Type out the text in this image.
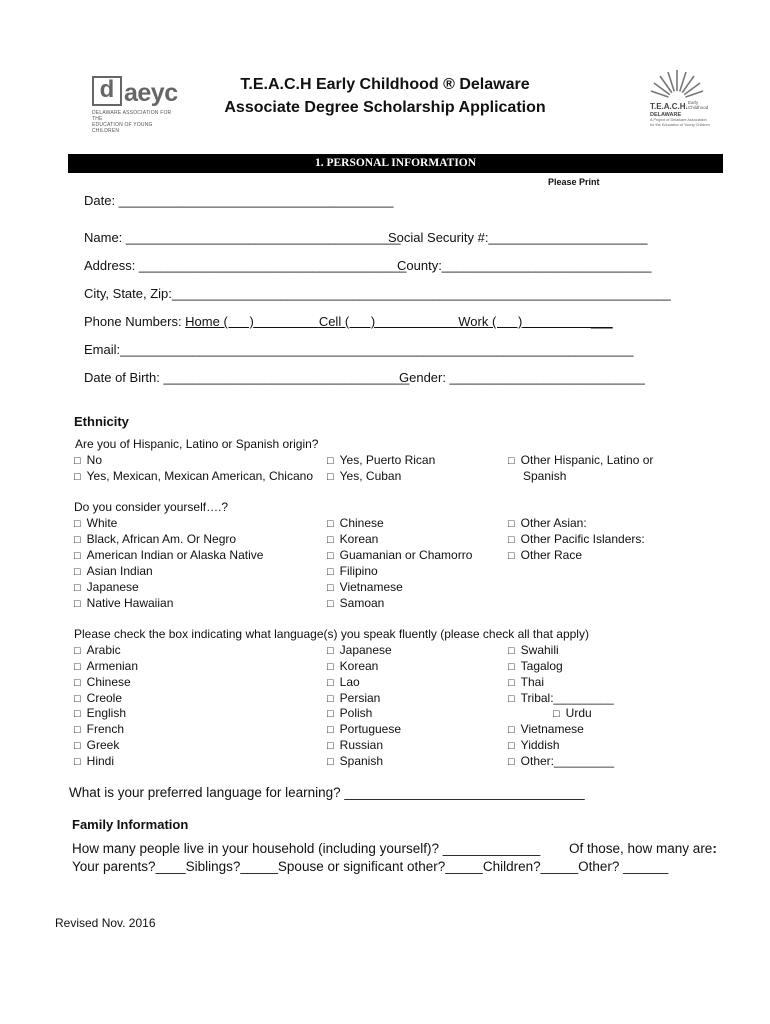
d aeyc
DELAWARE ASSOCIATION FOR THE
EDUCATION OF YOUNG CHILDREN
T.E.A.C.H. Early
Childhood
DELAWARE
A Project of Delaware Association
for the Education of Young Children
T.E.A.C.H Early Childhood ® Delaware
Associate Degree Scholarship Application
1. PERSONAL INFORMATION
Please Print
Date: ______________________________________
Name: ______________________________________
Social Security #:______________________
Address: _____________________________________
County:_____________________________
City, State, Zip:_____________________________________________________________________
Phone Numbers: Home (      )	Cell (      )	Work (      )                   ___
Email:_______________________________________________________________________
Date of Birth: __________________________________
Gender: ___________________________
Ethnicity
Are you of Hispanic, Latino or Spanish origin?
□ No
□ Yes, Mexican, Mexican American, Chicano
□ Yes, Puerto Rican
□ Yes, Cuban
□ Other Hispanic, Latino or
Spanish
Do you consider yourself….?
□ White
□ Black, African Am. Or Negro
□ American Indian or Alaska Native
□ Asian Indian
□ Japanese
□ Native Hawaiian
□ Chinese
□ Korean
□ Guamanian or Chamorro
□ Filipino
□ Vietnamese
□ Samoan
□ Other Asian:
□ Other Pacific Islanders:
□ Other Race
Please check the box indicating what language(s) you speak fluently (please check all that apply)
□ Arabic
□ Armenian
□ Chinese
□ Creole
□ English
□ French
□ Greek
□ Hindi
□ Japanese
□ Korean
□ Lao
□ Persian
□ Polish
□ Portuguese
□ Russian
□ Spanish
□ Swahili
□ Tagalog
□ Thai
□ Tribal:_________
□ Urdu
□ Vietnamese
□ Yiddish
□ Other:_________
What is your preferred language for learning? ________________________________
Family Information
How many people live in your household (including yourself)? _____________ Of those, how many are:
Your parents?____Siblings?_____Spouse or significant other?_____Children?_____Other? ______
Revised Nov. 2016
